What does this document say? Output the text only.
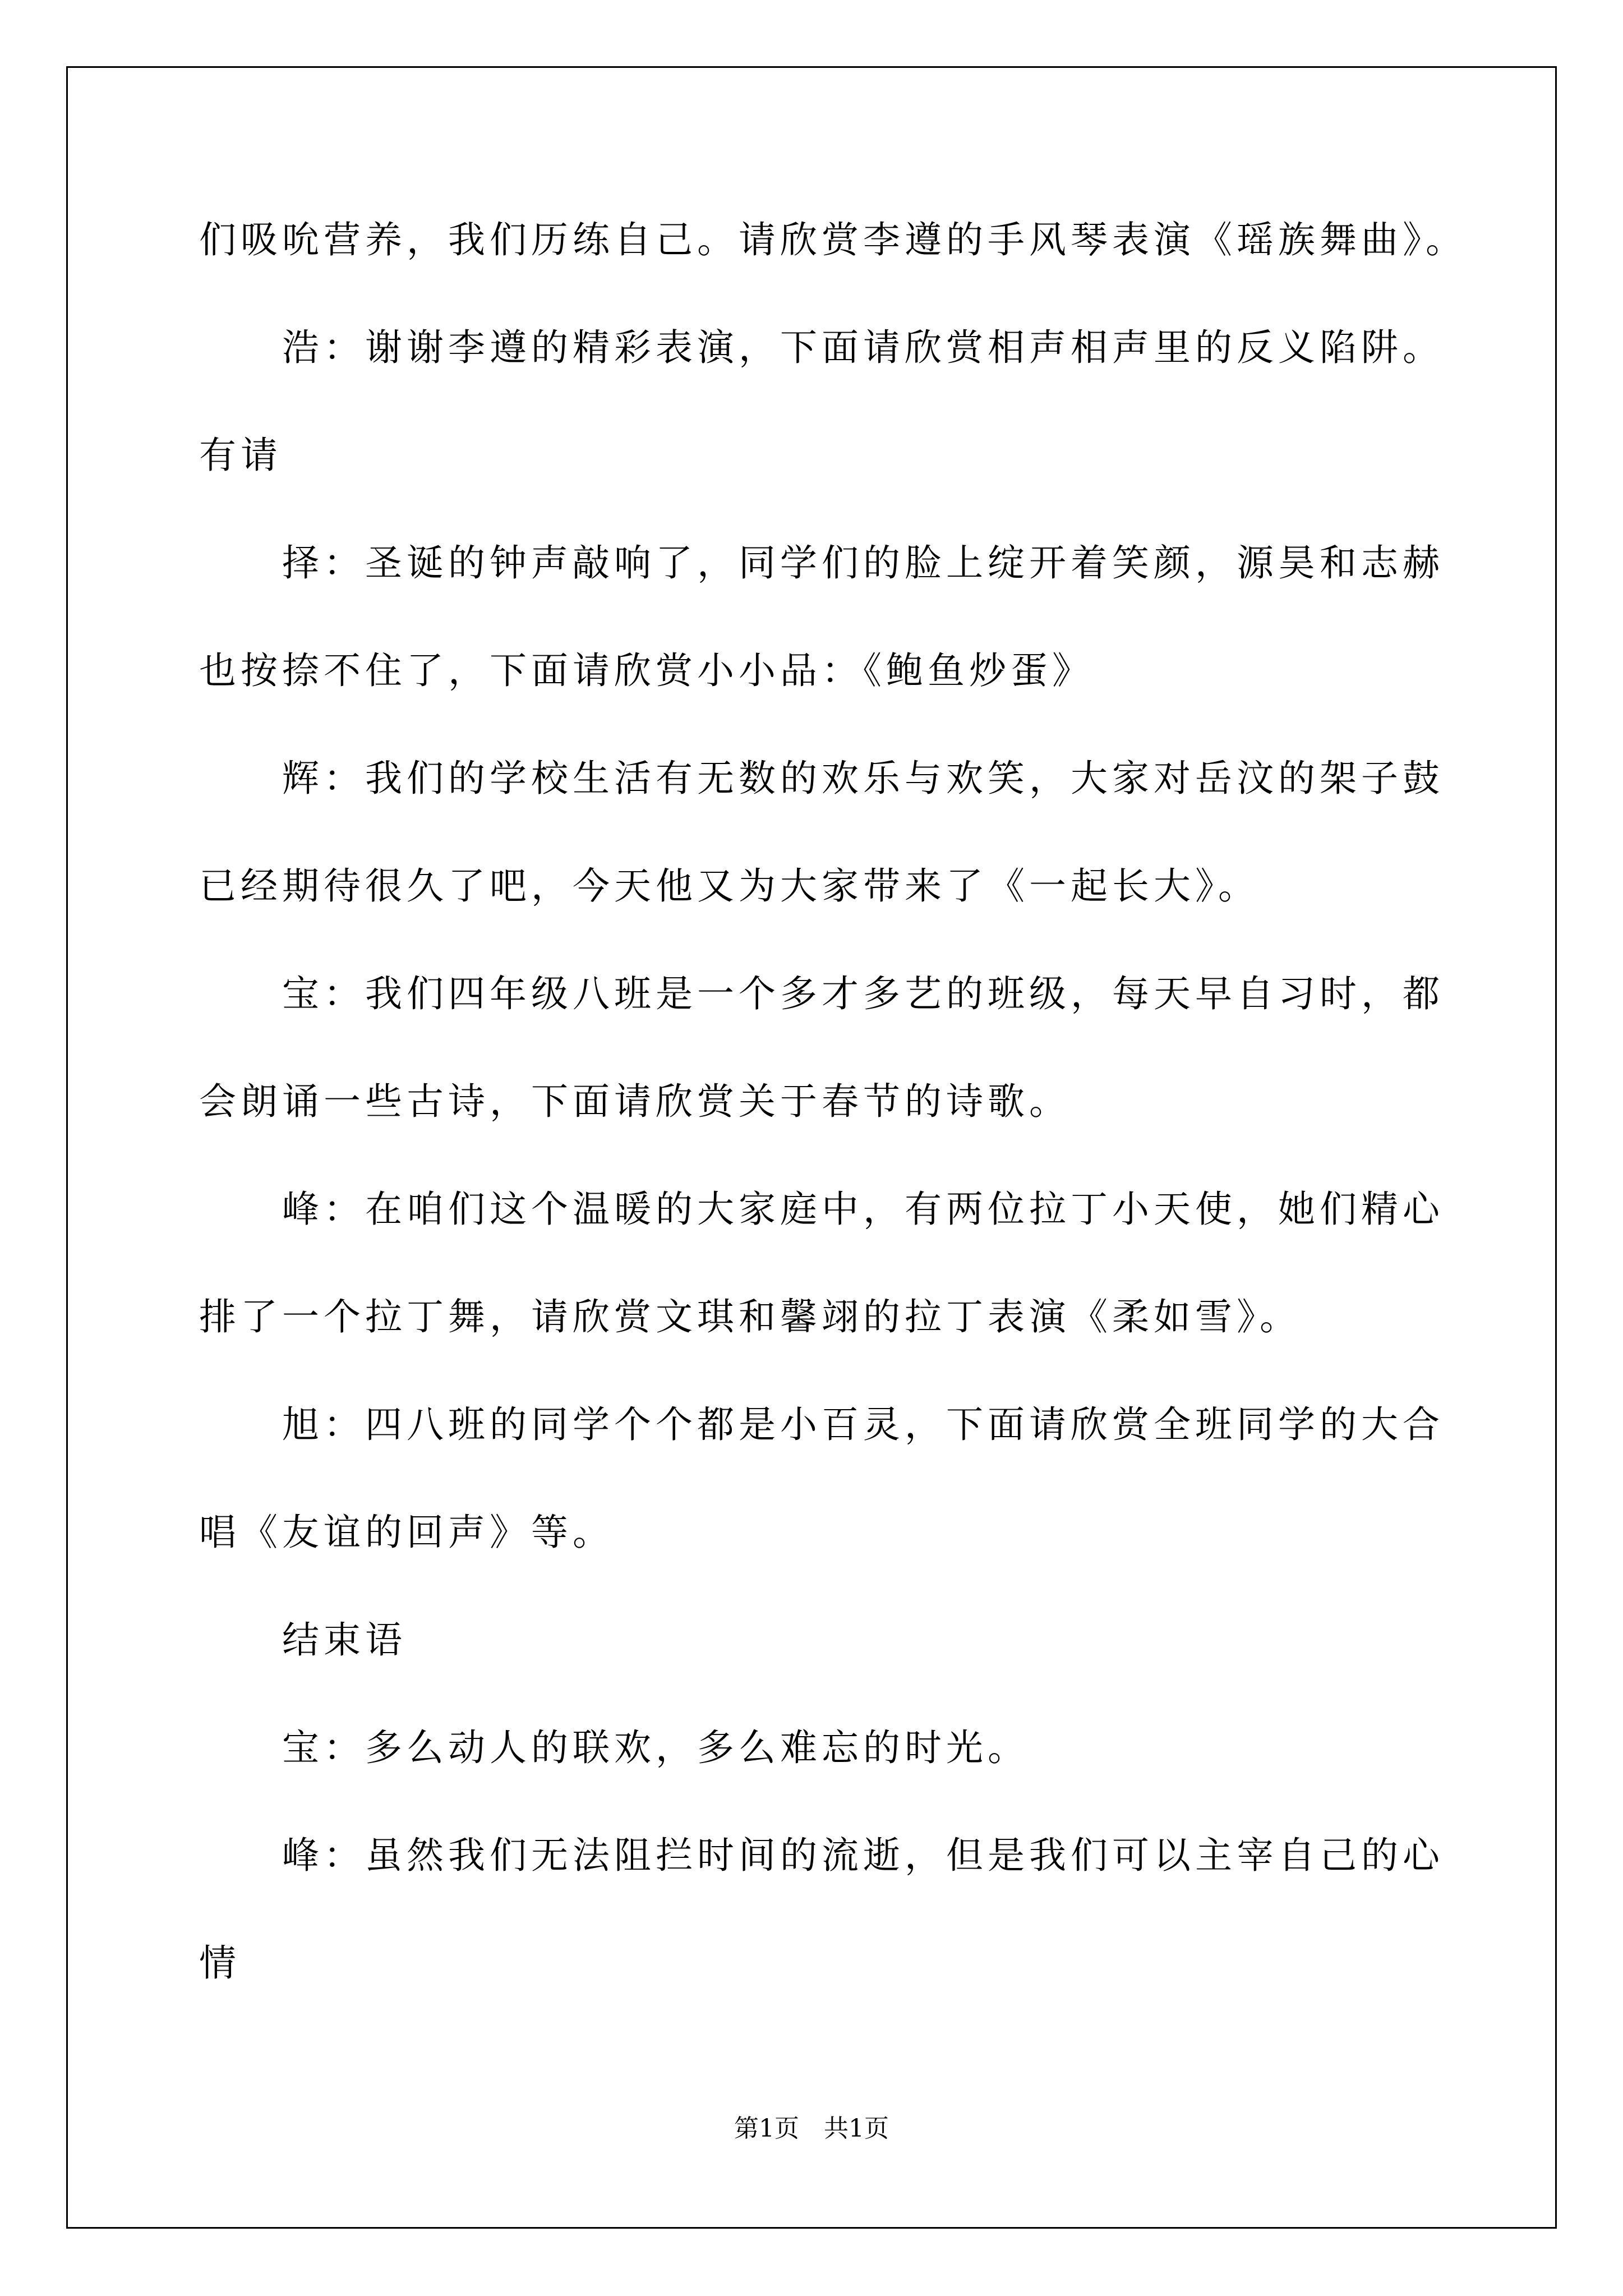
们吸吮营养，我们历练自己。请欣赏李遵的手风琴表演《瑶族舞曲》。
浩：谢谢李遵的精彩表演，下面请欣赏相声相声里的反义陷阱。
有请
择：圣诞的钟声敲响了，同学们的脸上绽开着笑颜，源昊和志赫
也按捺不住了，下面请欣赏小小品：《鲍鱼炒蛋》
辉：我们的学校生活有无数的欢乐与欢笑，大家对岳汶的架子鼓
已经期待很久了吧，今天他又为大家带来了《一起长大》。
宝：我们四年级八班是一个多才多艺的班级，每天早自习时，都
会朗诵一些古诗，下面请欣赏关于春节的诗歌。
峰：在咱们这个温暖的大家庭中，有两位拉丁小天使，她们精心
排了一个拉丁舞，请欣赏文琪和馨翊的拉丁表演《柔如雪》。
旭：四八班的同学个个都是小百灵，下面请欣赏全班同学的大合
唱《友谊的回声》等。
结束语
宝：多么动人的联欢，多么难忘的时光。
峰：虽然我们无法阻拦时间的流逝，但是我们可以主宰自己的心
情
第1页　共1页
